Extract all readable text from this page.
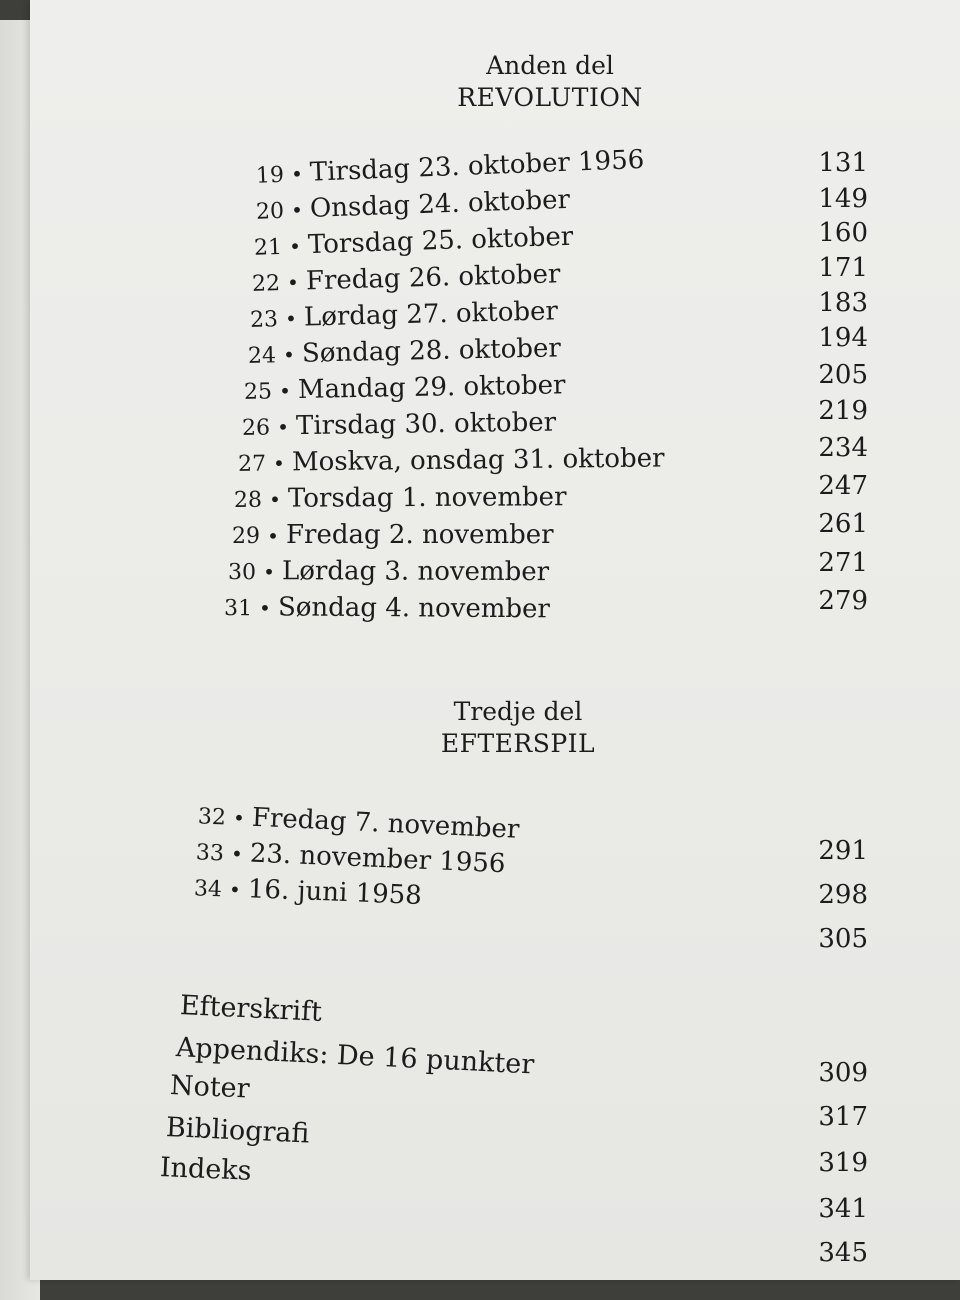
Anden del
REVOLUTION
19 • Tirsdag 23. oktober 1956
20 • Onsdag 24. oktober
21 • Torsdag 25. oktober
22 • Fredag 26. oktober
23 • Lørdag 27. oktober
24 • Søndag 28. oktober
25 • Mandag 29. oktober
26 • Tirsdag 30. oktober
27 • Moskva, onsdag 31. oktober
28 • Torsdag 1. november
29 • Fredag 2. november
30 • Lørdag 3. november
31 • Søndag 4. november
Tredje del
EFTERSPIL
32 • Fredag 7. november
33 • 23. november 1956
34 • 16. juni 1958
Efterskrift
Appendiks: De 16 punkter
Noter
Bibliografi
Indeks
131
149
160
171
183
194
205
219
234
247
261
271
279
291
298
305
309
317
319
341
345
